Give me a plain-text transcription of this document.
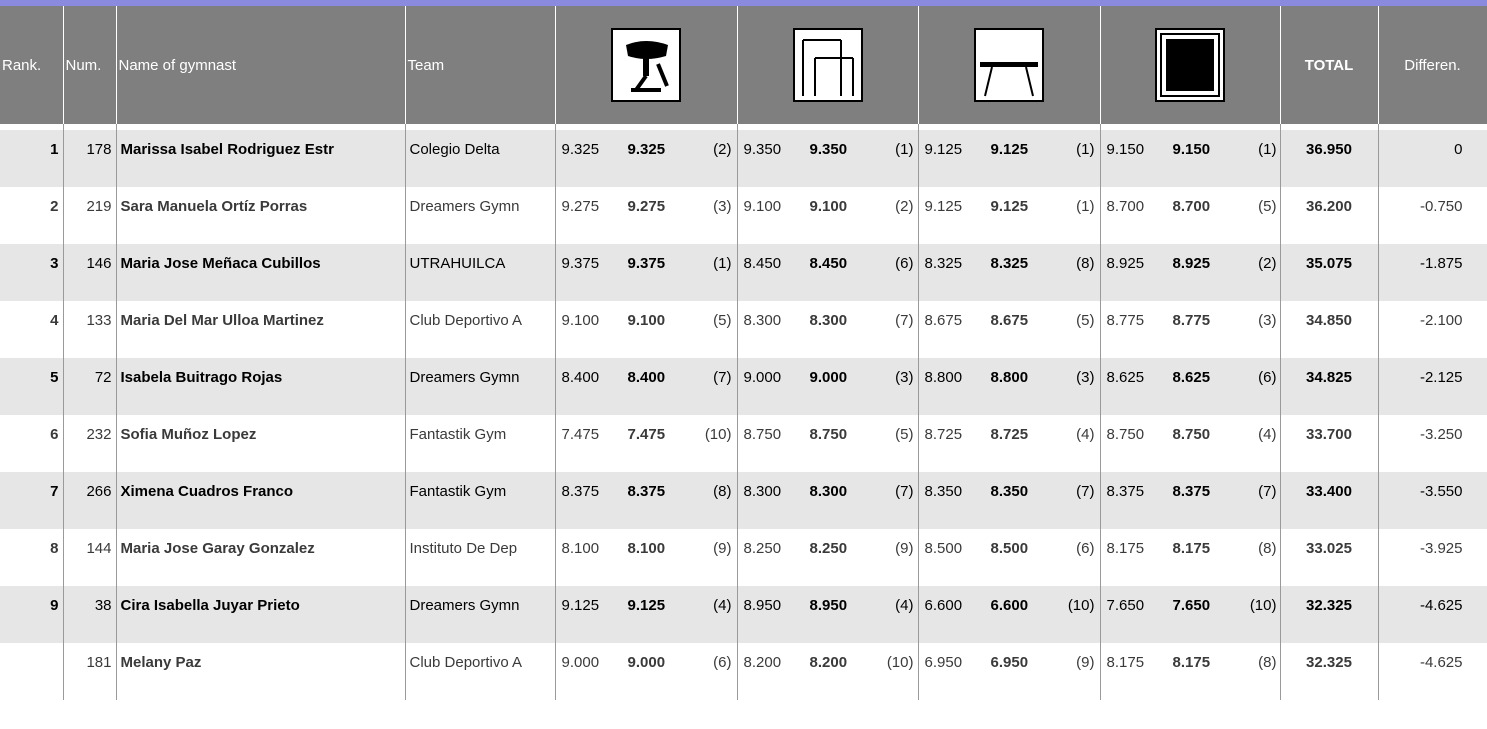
Rank.	Num.	Name of gymnast	Team					TOTAL	Differen.

1	178	Marissa Isabel Rodriguez Estr	Colegio Delta	9.325 9.325 (2)	9.350 9.350 (1)	9.125 9.125 (1)	9.150 9.150 (1)	36.950	0
2	219	Sara Manuela Ortíz Porras	Dreamers Gymn	9.275 9.275 (3)	9.100 9.100 (2)	9.125 9.125 (1)	8.700 8.700 (5)	36.200	-0.750
3	146	Maria Jose Meñaca Cubillos	UTRAHUILCA	9.375 9.375 (1)	8.450 8.450 (6)	8.325 8.325 (8)	8.925 8.925 (2)	35.075	-1.875
4	133	Maria Del Mar Ulloa Martinez	Club Deportivo A	9.100 9.100 (5)	8.300 8.300 (7)	8.675 8.675 (5)	8.775 8.775 (3)	34.850	-2.100
5	72	Isabela Buitrago Rojas	Dreamers Gymn	8.400 8.400 (7)	9.000 9.000 (3)	8.800 8.800 (3)	8.625 8.625 (6)	34.825	-2.125
6	232	Sofia Muñoz Lopez	Fantastik Gym	7.475 7.475 (10)	8.750 8.750 (5)	8.725 8.725 (4)	8.750 8.750 (4)	33.700	-3.250
7	266	Ximena Cuadros Franco	Fantastik Gym	8.375 8.375 (8)	8.300 8.300 (7)	8.350 8.350 (7)	8.375 8.375 (7)	33.400	-3.550
8	144	Maria Jose Garay Gonzalez	Instituto De Dep	8.100 8.100 (9)	8.250 8.250 (9)	8.500 8.500 (6)	8.175 8.175 (8)	33.025	-3.925
9	38	Cira Isabella Juyar Prieto	Dreamers Gymn	9.125 9.125 (4)	8.950 8.950 (4)	6.600 6.600 (10)	7.650 7.650 (10)	32.325	-4.625
	181	Melany Paz	Club Deportivo A	9.000 9.000 (6)	8.200 8.200 (10)	6.950 6.950 (9)	8.175 8.175 (8)	32.325	-4.625
